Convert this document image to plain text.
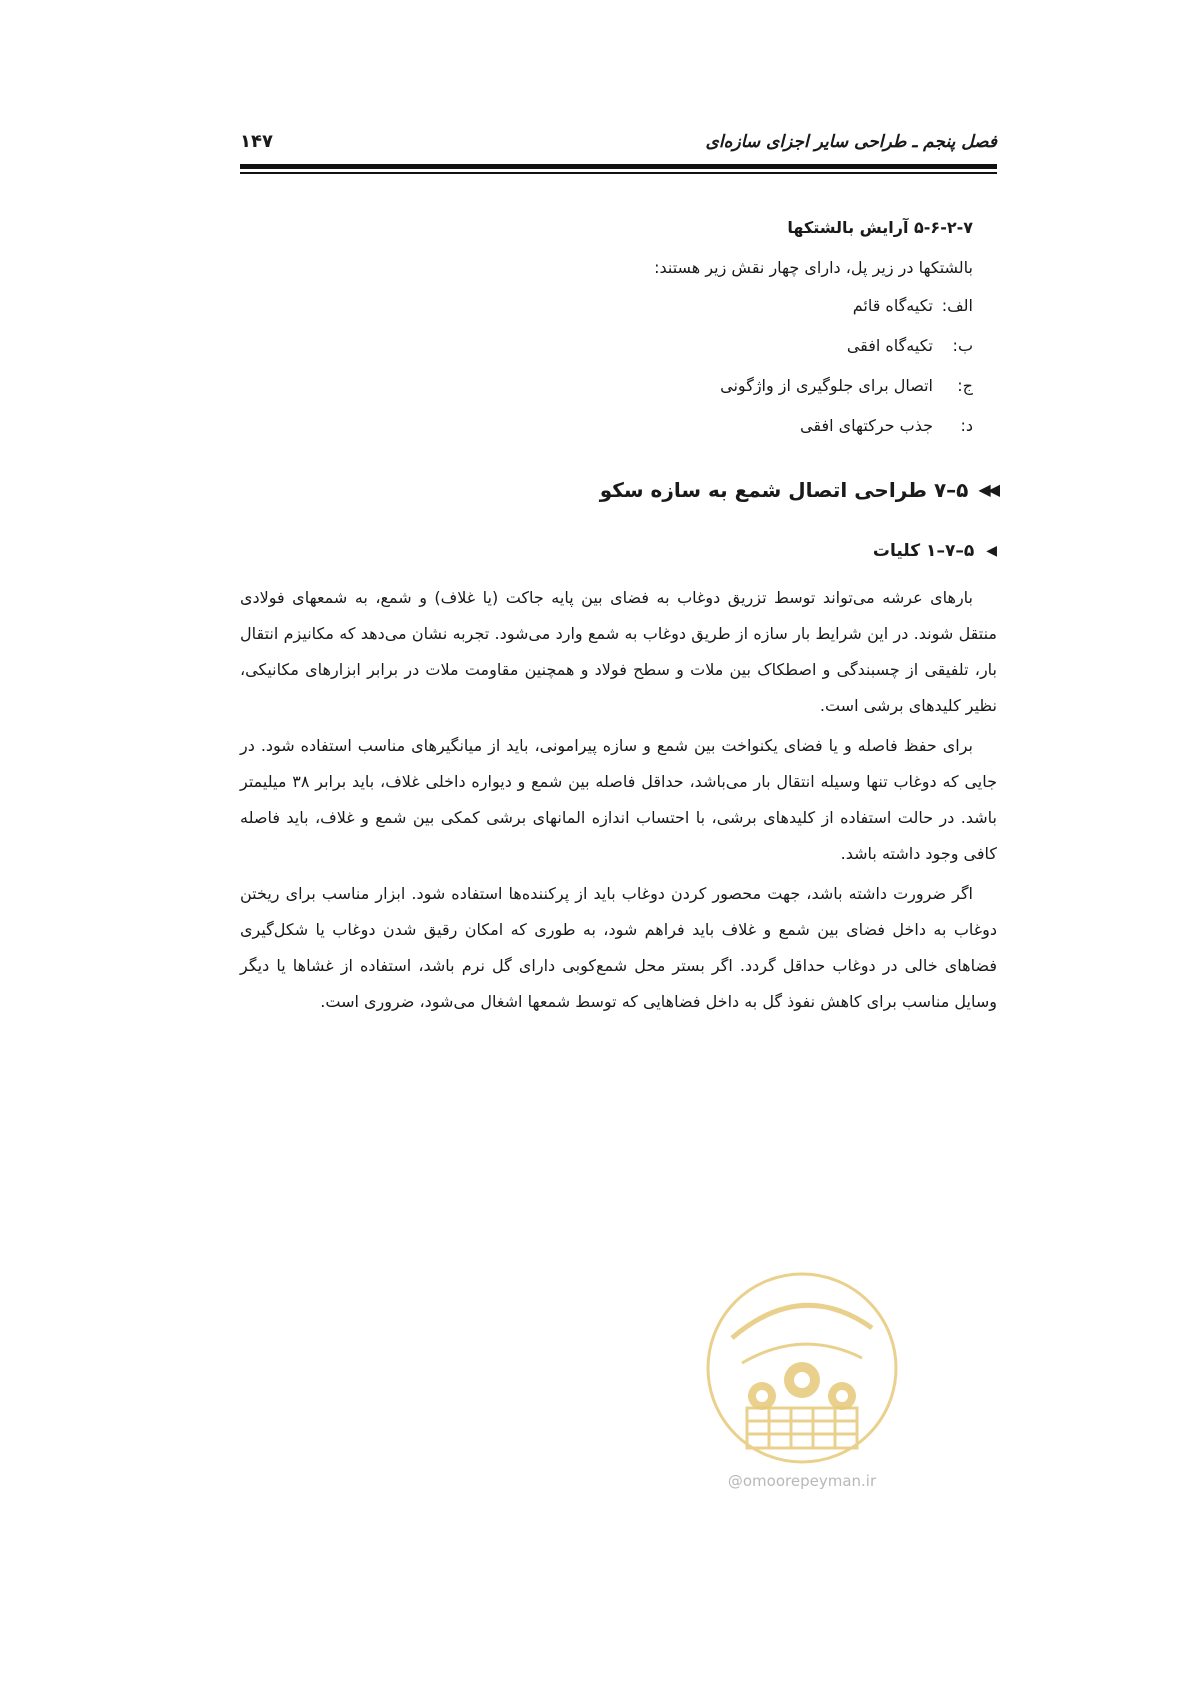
فصل پنجم ـ طراحی سایر اجزای سازه‌ای
۱۴۷
۵-۶-۲-۷ آرایش بالشتکها

بالشتکها در زیر پل، دارای چهار نقش زیر هستند:

الف:
تکیه‌گاه قائم
ب:
تکیه‌گاه افقی
ج:
اتصال برای جلوگیری از واژگونی
د:
جذب حرکتهای افقی
◀◀
۵–۷ طراحی اتصال شمع به سازه سکو
◀
۵–۷–۱ کلیات

بارهای عرشه می‌تواند توسط تزریق دوغاب به فضای بین پایه جاکت (یا غلاف) و شمع، به شمعهای فولادی منتقل شوند. در این شرایط بار سازه از طریق دوغاب به شمع وارد می‌شود. تجربه نشان می‌دهد که مکانیزم انتقال بار، تلفیقی از چسبندگی و اصطکاک بین ملات و سطح فولاد و همچنین مقاومت ملات در برابر ابزارهای مکانیکی، نظیر کلیدهای برشی است.

برای حفظ فاصله و یا فضای یکنواخت بین شمع و سازه پیرامونی، باید از میانگیرهای مناسب استفاده شود. در جایی که دوغاب تنها وسیله انتقال بار می‌باشد، حداقل فاصله بین شمع و دیواره داخلی غلاف، باید برابر ۳۸ میلیمتر باشد. در حالت استفاده از کلیدهای برشی، با احتساب اندازه المانهای برشی کمکی بین شمع و غلاف، باید فاصله کافی وجود داشته باشد.

اگر ضرورت داشته باشد، جهت محصور کردن دوغاب باید از پرکننده‌ها استفاده شود. ابزار مناسب برای ریختن دوغاب به داخل فضای بین شمع و غلاف باید فراهم شود، به طوری که امکان رقیق شدن دوغاب یا شکل‌گیری فضاهای خالی در دوغاب حداقل گردد. اگر بستر محل شمع‌کوبی دارای گل نرم باشد، استفاده از غشاها یا دیگر وسایل مناسب برای کاهش نفوذ گل به داخل فضاهایی که توسط شمعها اشغال می‌شود، ضروری است.

@omoorepeyman.ir
